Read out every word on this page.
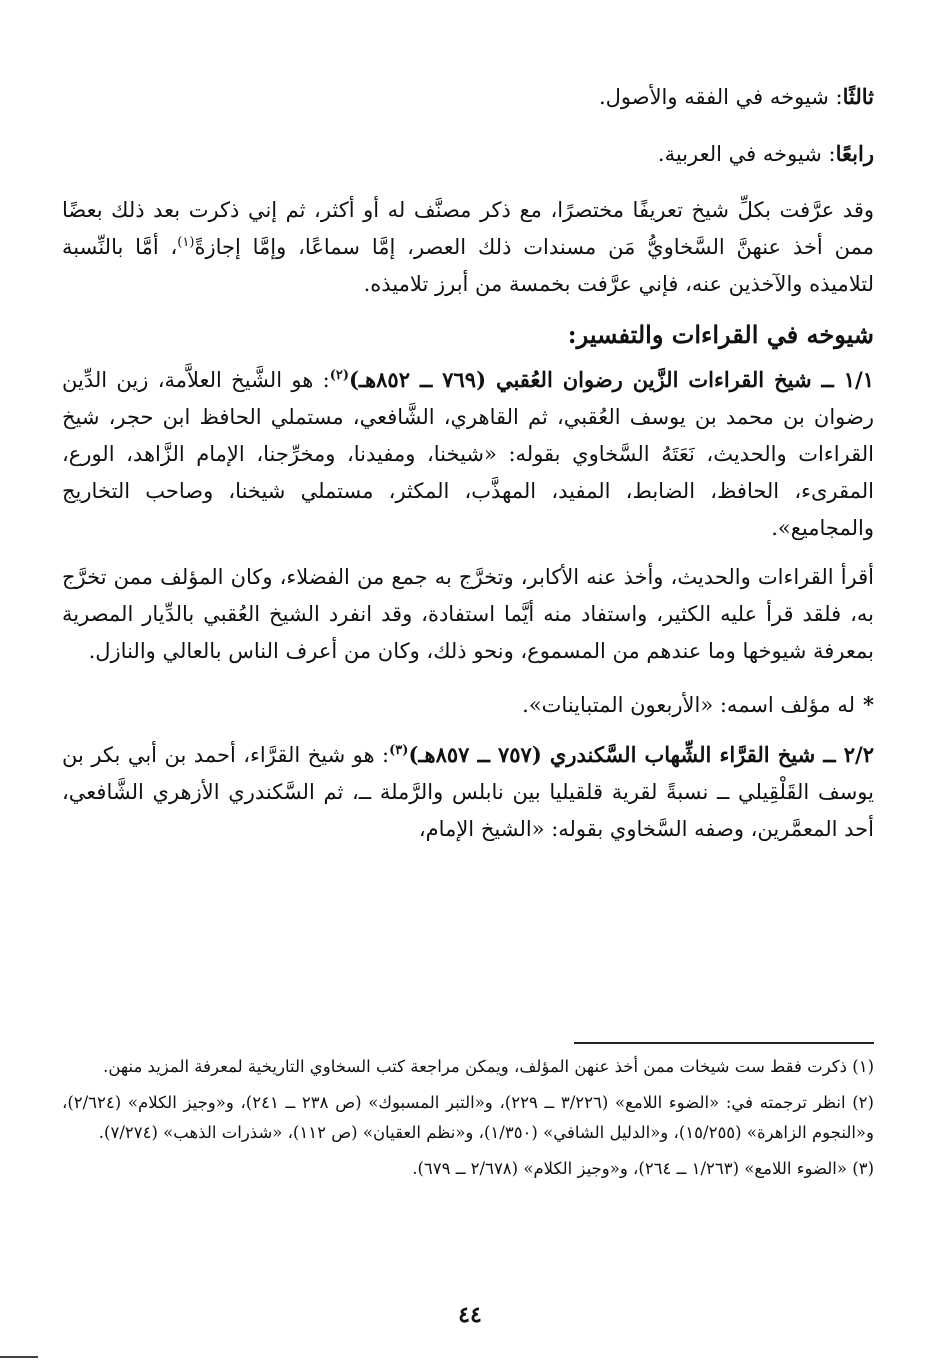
ثالثًا: شيوخه في الفقه والأصول.

رابعًا: شيوخه في العربية.

وقد عرَّفت بكلِّ شيخ تعريفًا مختصرًا، مع ذكر مصنَّف له أو أكثر، ثم إني ذكرت بعد ذلك بعضًا ممن أخذ عنهنَّ السَّخاويُّ مَن مسندات ذلك العصر، إمَّا سماعًا، وإمَّا إجازةً$^{(١)}$، أمَّا بالنِّسبة لتلاميذه والآخذين عنه، فإني عرَّفت بخمسة من أبرز تلاميذه.

شيوخه في القراءات والتفسير:

١/١ ــ شيخ القراءات الزَّين رضوان العُقبي (٧٦٩ ــ ٨٥٢هـ)$^{(٢)}$: هو الشَّيخ العلاَّمة، زين الدِّين رضوان بن محمد بن يوسف العُقبي، ثم القاهري، الشَّافعي، مستملي الحافظ ابن حجر، شيخ القراءات والحديث، نَعَتَهُ السَّخاوي بقوله: «شيخنا، ومفيدنا، ومخرِّجنا، الإمام الزَّاهد، الورع، المقرىء، الحافظ، الضابط، المفيد، المهذَّب، المكثر، مستملي شيخنا، وصاحب التخاريج والمجاميع».

أقرأ القراءات والحديث، وأخذ عنه الأكابر، وتخرَّج به جمع من الفضلاء، وكان المؤلف ممن تخرَّج به، فلقد قرأ عليه الكثير، واستفاد منه أيَّما استفادة، وقد انفرد الشيخ العُقبي بالدِّيار المصرية بمعرفة شيوخها وما عندهم من المسموع، ونحو ذلك، وكان من أعرف الناس بالعالي والنازل.

*له مؤلف اسمه: «الأربعون المتباينات».

٢/٢ ــ شيخ القرَّاء الشِّهاب السَّكندري (٧٥٧ ــ ٨٥٧هـ)$^{(٣)}$: هو شيخ القرَّاء، أحمد بن أبي بكر بن يوسف القَلْقِيلي ــ نسبةً لقرية قلقيليا بين نابلس والرَّملة ــ، ثم السَّكندري الأزهري الشَّافعي، أحد المعمَّرين، وصفه السَّخاوي بقوله: «الشيخ الإمام،

(١) ذكرت فقط ست شيخات ممن أخذ عنهن المؤلف، ويمكن مراجعة كتب السخاوي التاريخية لمعرفة المزيد منهن.

(٢) انظر ترجمته في: «الضوء اللامع» (٣/٢٢٦ ــ ٢٢٩)، و«التبر المسبوك» (ص ٢٣٨ ــ ٢٤١)، و«وجيز الكلام» (٢/٦٢٤)، و«النجوم الزاهرة» (١٥/٢٥٥)، و«الدليل الشافي» (١/٣٥٠)، و«نظم العقيان» (ص ١١٢)، «شذرات الذهب» (٧/٢٧٤).

(٣) «الضوء اللامع» (١/٢٦٣ ــ ٢٦٤)، و«وجيز الكلام» (٢/٦٧٨ ــ ٦٧٩).

٤٤
